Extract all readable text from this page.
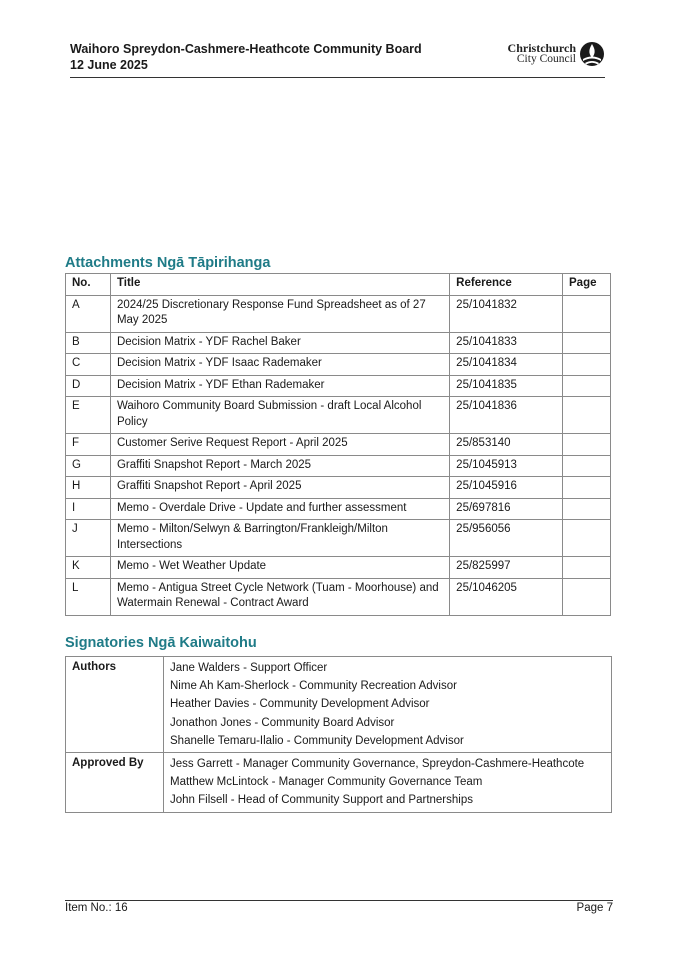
Waihoro Spreydon-Cashmere-Heathcote Community Board

12 June 2025

Christchurch
City Council
Attachments Ngā Tāpirihanga
No.	Title	Reference	Page
A	2024/25 Discretionary Response Fund Spreadsheet as of 27 May 2025	25/1041832	
B	Decision Matrix - YDF Rachel Baker	25/1041833	
C	Decision Matrix - YDF Isaac Rademaker	25/1041834	
D	Decision Matrix - YDF Ethan Rademaker	25/1041835	
E	Waihoro Community Board Submission - draft Local Alcohol Policy	25/1041836	
F	Customer Serive Request Report - April 2025	25/853140	
G	Graffiti Snapshot Report - March 2025	25/1045913	
H	Graffiti Snapshot Report - April 2025	25/1045916	
I	Memo - Overdale Drive - Update and further assessment	25/697816	
J	Memo - Milton/Selwyn & Barrington/Frankleigh/Milton Intersections	25/956056	
K	Memo - Wet Weather Update	25/825997	
L	Memo - Antigua Street Cycle Network (Tuam - Moorhouse) and Watermain Renewal - Contract Award	25/1046205	
Signatories Ngā Kaiwaitohu
Authors	Jane Walders - Support Officer
Nime Ah Kam-Sherlock - Community Recreation Advisor
Heather Davies - Community Development Advisor
Jonathon Jones - Community Board Advisor
Shanelle Temaru-Ilalio - Community Development Advisor

Approved By	Jess Garrett - Manager Community Governance, Spreydon-Cashmere-Heathcote
Matthew McLintock - Manager Community Governance Team
John Filsell - Head of Community Support and Partnerships
Item No.: 16	Page 7
